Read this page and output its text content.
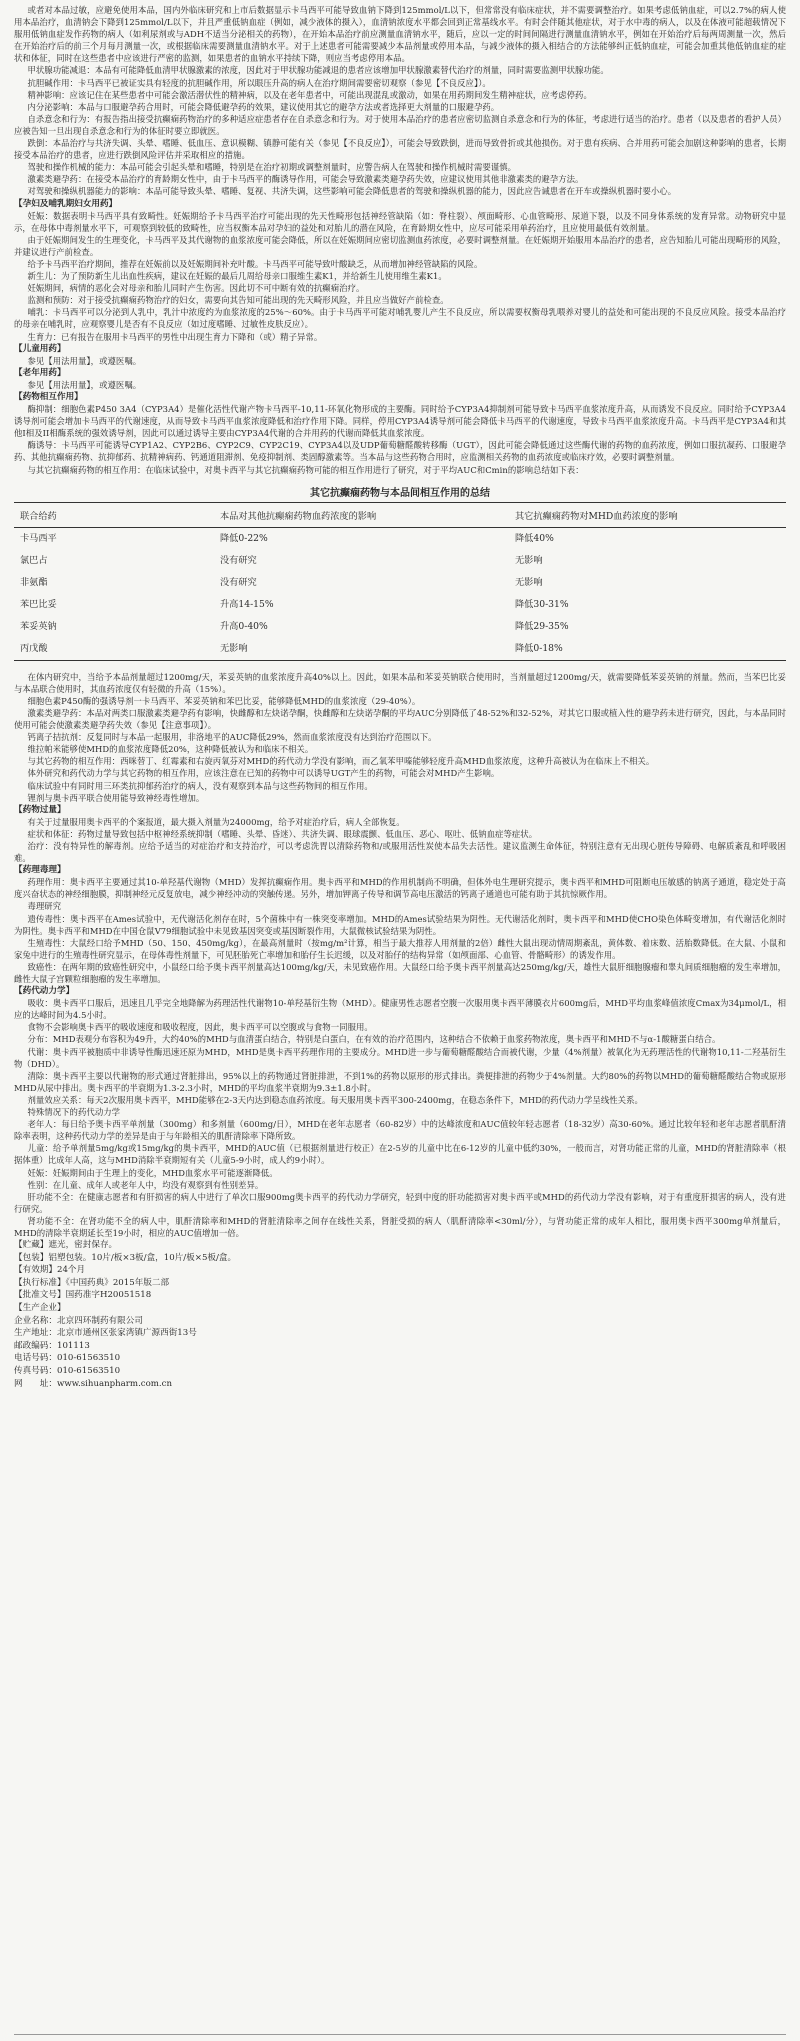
或者对本品过敏，应避免使用本品，国内外临床研究和上市后数据显示卡马西平可能导致血钠下降到125mmol/L以下，但常常没有临床症状，并不需要调整治疗。如果考虑低钠血症，可以2.7%的病人使用本品治疗，血清钠会下降到125mmol/L以下，并且严重低钠血症（例如，减少液体的摄入），血清钠浓度水平都会回到正常基线水平。有时会伴随其他症状，对于水中毒的病人，以及在体液可能超载情况下服用低钠血症发作药物的病人（如利尿剂或与ADH不适当分泌相关的药物），在开始本品治疗前应测量血清钠水平，随后，应以一定的时间间隔进行测量血清钠水平，例如在开始治疗后每两周测量一次，然后在开始治疗后的前三个月每月测量一次，或根据临床需要测量血清钠水平。对于上述患者可能需要减少本品剂量或停用本品，与减少液体的摄入相结合的方法能够纠正低钠血症，可能会加重其他低钠血症的症状和体征，同时在这些患者中应该进行严密的监测，如果患者的血钠水平持续下降，则应当考虑停用本品。

甲状腺功能减退：本品有可能降低血清甲状腺激素的浓度，因此对于甲状腺功能减退的患者应该增加甲状腺激素替代治疗的剂量，同时需要监测甲状腺功能。

抗胆碱作用：卡马西平已被证实具有轻度的抗胆碱作用，所以眼压升高的病人在治疗期间需要密切观察（参见【不良反应】）。

精神影响：应该记住在某些患者中可能会激活潜伏性的精神病，以及在老年患者中，可能出现混乱或激动，如果在用药期间发生精神症状，应考虑停药。

内分泌影响：本品与口服避孕药合用时，可能会降低避孕药的效果，建议使用其它的避孕方法或者选择更大剂量的口服避孕药。

自杀意念和行为：有报告指出接受抗癫痫药物治疗的多种适应症患者存在自杀意念和行为。对于使用本品治疗的患者应密切监测自杀意念和行为的体征，考虑进行适当的治疗。患者（以及患者的看护人员）应被告知一旦出现自杀意念和行为的体征时要立即就医。

跌倒：本品治疗与共济失调、头晕、嗜睡、低血压、意识模糊、镇静可能有关（参见【不良反应】），可能会导致跌倒，进而导致骨折或其他损伤。对于患有疾病、合并用药可能会加剧这种影响的患者，长期接受本品治疗的患者，应进行跌倒风险评估并采取相应的措施。

驾驶和操作机械的能力：本品可能会引起头晕和嗜睡，特别是在治疗初期或调整剂量时，应警告病人在驾驶和操作机械时需要谨慎。

激素类避孕药：在接受本品治疗的育龄期女性中，由于卡马西平的酶诱导作用，可能会导致激素类避孕药失效，应建议使用其他非激素类的避孕方法。

对驾驶和操纵机器能力的影响：本品可能导致头晕、嗜睡、复视、共济失调，这些影响可能会降低患者的驾驶和操纵机器的能力，因此应告诫患者在开车或操纵机器时要小心。

【孕妇及哺乳期妇女用药】

妊娠：数据表明卡马西平具有致畸性。妊娠期给予卡马西平治疗可能出现的先天性畸形包括神经管缺陷（如：脊柱裂）、颅面畸形、心血管畸形、尿道下裂，以及不同身体系统的发育异常。动物研究中显示，在母体中毒剂量水平下，可观察到较低的致畸性，应当权衡本品对孕妇的益处和对胎儿的潜在风险，在育龄期女性中，应尽可能采用单药治疗，且应使用最低有效剂量。

由于妊娠期间发生的生理变化，卡马西平及其代谢物的血浆浓度可能会降低，所以在妊娠期间应密切监测血药浓度，必要时调整剂量。在妊娠期开始服用本品治疗的患者，应告知胎儿可能出现畸形的风险，并建议进行产前检查。

给予卡马西平治疗期间，推荐在妊娠前以及妊娠期间补充叶酸。卡马西平可能导致叶酸缺乏，从而增加神经管缺陷的风险。

新生儿：为了预防新生儿出血性疾病，建议在妊娠的最后几周给母亲口服维生素K1，并给新生儿使用维生素K1。

妊娠期间，病情的恶化会对母亲和胎儿同时产生伤害。因此切不可中断有效的抗癫痫治疗。

监测和预防：对于接受抗癫痫药物治疗的妇女，需要向其告知可能出现的先天畸形风险，并且应当做好产前检查。

哺乳：卡马西平可以分泌到人乳中，乳汁中浓度约为血浆浓度的25%～60%。由于卡马西平可能对哺乳婴儿产生不良反应，所以需要权衡母乳喂养对婴儿的益处和可能出现的不良反应风险。接受本品治疗的母亲在哺乳时，应观察婴儿是否有不良反应（如过度嗜睡、过敏性皮肤反应）。

生育力：已有报告在服用卡马西平的男性中出现生育力下降和（或）精子异常。

【儿童用药】

参见【用法用量】，或遵医嘱。

【老年用药】

参见【用法用量】，或遵医嘱。

【药物相互作用】

酶抑制：细胞色素P450 3A4（CYP3A4）是催化活性代谢产物卡马西平-10,11-环氧化物形成的主要酶。同时给予CYP3A4抑制剂可能导致卡马西平血浆浓度升高，从而诱发不良反应。同时给予CYP3A4诱导剂可能会增加卡马西平的代谢速度，从而导致卡马西平血浆浓度降低和治疗作用下降。同样，停用CYP3A4诱导剂可能会降低卡马西平的代谢速度，导致卡马西平血浆浓度升高。卡马西平是CYP3A4和其他I相及II相酶系统的强效诱导剂，因此可以通过诱导主要由CYP3A4代谢的合并用药的代谢而降低其血浆浓度。

酶诱导：卡马西平可能诱导CYP1A2、CYP2B6、CYP2C9、CYP2C19、CYP3A4以及UDP葡萄糖醛酸转移酶（UGT），因此可能会降低通过这些酶代谢的药物的血药浓度，例如口服抗凝药、口服避孕药、其他抗癫痫药物、抗抑郁药、抗精神病药、钙通道阻滞剂、免疫抑制剂、类固醇激素等。当本品与这些药物合用时，应监测相关药物的血药浓度或临床疗效，必要时调整剂量。

与其它抗癫痫药物的相互作用：在临床试验中，对奥卡西平与其它抗癫痫药物可能的相互作用进行了研究，对于平均AUC和Cmin的影响总结如下表：

其它抗癫痫药物与本品间相互作用的总结
联合给药	本品对其他抗癫痫药物血药浓度的影响	其它抗癫痫药物对MHD血药浓度的影响
卡马西平	降低0-22%	降低40%
氯巴占	没有研究	无影响
非氨酯	没有研究	无影响
苯巴比妥	升高14-15%	降低30-31%
苯妥英钠	升高0-40%	降低29-35%
丙戊酸	无影响	降低0-18%

在体内研究中，当给予本品剂量超过1200mg/天，苯妥英钠的血浆浓度升高40%以上。因此，如果本品和苯妥英钠联合使用时，当剂量超过1200mg/天，就需要降低苯妥英钠的剂量。然而，当苯巴比妥与本品联合使用时，其血药浓度仅有轻微的升高（15%）。

细胞色素P450酶的强诱导剂一卡马西平、苯妥英钠和苯巴比妥，能够降低MHD的血浆浓度（29-40%）。

激素类避孕药：本品对两类口服激素类避孕药有影响，快雌醇和左炔诺孕酮，快雌醇和左炔诺孕酮的平均AUC分别降低了48-52%和32-52%，对其它口服或植入性的避孕药未进行研究，因此，与本品同时使用可能会使激素类避孕药失效（参见【注意事项】）。

钙离子拮抗剂：反复同时与本品一起服用，非洛地平的AUC降低29%，然而血浆浓度没有达到治疗范围以下。

维拉帕米能够使MHD的血浆浓度降低20%，这种降低被认为和临床不相关。

与其它药物的相互作用：西咪替丁、红霉素和右旋丙氧芬对MHD的药代动力学没有影响，而乙氧苯甲嗪能够轻度升高MHD血浆浓度，这种升高被认为在临床上不相关。

体外研究和药代动力学与其它药物的相互作用，应该注意在已知的药物中可以诱导UGT产生的药物，可能会对MHD产生影响。

临床试验中有同时用三环类抗抑郁药治疗的病人，没有观察到本品与这些药物间的相互作用。

锂剂与奥卡西平联合使用能导致神经毒性增加。

【药物过量】

有关于过量服用奥卡西平的个案报道，最大摄入剂量为24000mg，给予对症治疗后，病人全部恢复。

症状和体征：药物过量导致包括中枢神经系统抑制（嗜睡、头晕、昏迷）、共济失调、眼球震颤、低血压、恶心、呕吐、低钠血症等症状。

治疗：没有特异性的解毒剂。应给予适当的对症治疗和支持治疗，可以考虑洗胃以清除药物和/或服用活性炭使本品失去活性。建议监测生命体征，特别注意有无出现心脏传导障碍、电解质紊乱和呼吸困难。

【药理毒理】

药理作用：奥卡西平主要通过其10-单羟基代谢物（MHD）发挥抗癫痫作用。奥卡西平和MHD的作用机制尚不明确，但体外电生理研究提示，奥卡西平和MHD可阻断电压敏感的钠离子通道，稳定处于高度兴奋状态的神经细胞膜，抑制神经元反复放电，减少神经冲动的突触传递。另外，增加钾离子传导和调节高电压激活的钙离子通道也可能有助于其抗惊厥作用。

毒理研究

遗传毒性：奥卡西平在Ames试验中，无代谢活化剂存在时，5个菌株中有一株突变率增加。MHD的Ames试验结果为阴性。无代谢活化剂时，奥卡西平和MHD使CHO染色体畸变增加，有代谢活化剂时为阴性。奥卡西平和MHD在中国仓鼠V79细胞试验中未见致基因突变或基因断裂作用，大鼠微核试验结果为阴性。

生殖毒性：大鼠经口给予MHD（50、150、450mg/kg），在最高剂量时（按mg/m²计算，相当于最大推荐人用剂量的2倍）雌性大鼠出现动情周期紊乱，黄体数、着床数、活胎数降低。在大鼠、小鼠和家兔中进行的生殖毒性研究显示，在母体毒性剂量下，可见胚胎死亡率增加和胎仔生长迟缓，以及对胎仔的结构异常（如颅面部、心血管、骨骼畸形）的诱发作用。

致癌性：在两年期的致癌性研究中，小鼠经口给予奥卡西平剂量高达100mg/kg/天，未见致癌作用。大鼠经口给予奥卡西平剂量高达250mg/kg/天，雄性大鼠肝细胞腺瘤和睾丸间质细胞瘤的发生率增加，雌性大鼠子宫颗粒细胞瘤的发生率增加。

【药代动力学】

吸收：奥卡西平口服后，迅速且几乎完全地降解为药理活性代谢物10-单羟基衍生物（MHD）。健康男性志愿者空腹一次服用奥卡西平薄膜衣片600mg后，MHD平均血浆峰值浓度Cmax为34μmol/L，相应的达峰时间为4.5小时。

食物不会影响奥卡西平的吸收速度和吸收程度，因此，奥卡西平可以空腹或与食物一同服用。

分布：MHD表观分布容积为49升，大约40%的MHD与血清蛋白结合，特别是白蛋白，在有效的治疗范围内，这种结合不依赖于血浆药物浓度，奥卡西平和MHD不与α-1酸糖蛋白结合。

代谢：奥卡西平被胞质中非诱导性酶迅速还原为MHD，MHD是奥卡西平药理作用的主要成分。MHD进一步与葡萄糖醛酸结合而被代谢，少量（4%剂量）被氧化为无药理活性的代谢物10,11-二羟基衍生物（DHD）。

清除：奥卡西平主要以代谢物的形式通过肾脏排出，95%以上的药物通过肾脏排泄，不到1%的药物以原形的形式排出。粪便排泄的药物少于4%剂量。大约80%的药物以MHD的葡萄糖醛酸结合物或原形MHD从尿中排出。奥卡西平的半衰期为1.3-2.3小时，MHD的平均血浆半衰期为9.3±1.8小时。

剂量效应关系：每天2次服用奥卡西平，MHD能够在2-3天内达到稳态血药浓度。每天服用奥卡西平300-2400mg，在稳态条件下，MHD的药代动力学呈线性关系。

特殊情况下的药代动力学

老年人：每日给予奥卡西平单剂量（300mg）和多剂量（600mg/日），MHD在老年志愿者（60-82岁）中的达峰浓度和AUC值较年轻志愿者（18-32岁）高30-60%。通过比较年轻和老年志愿者肌酐清除率表明，这种药代动力学的差异是由于与年龄相关的肌酐清除率下降所致。

儿童：给予单剂量5mg/kg或15mg/kg的奥卡西平，MHD的AUC值（已根据剂量进行校正）在2-5岁的儿童中比在6-12岁的儿童中低约30%，一般而言，对肾功能正常的儿童，MHD的肾脏清除率（根据体重）比成年人高，这与MHD消除半衰期短有关（儿童5-9小时，成人约9小时）。

妊娠：妊娠期间由于生理上的变化，MHD血浆水平可能逐渐降低。

性别：在儿童、成年人或老年人中，均没有观察到有性别差异。

肝功能不全：在健康志愿者和有肝损害的病人中进行了单次口服900mg奥卡西平的药代动力学研究，轻到中度的肝功能损害对奥卡西平或MHD的药代动力学没有影响，对于有重度肝损害的病人，没有进行研究。

肾功能不全：在肾功能不全的病人中，肌酐清除率和MHD的肾脏清除率之间存在线性关系，肾脏受损的病人（肌酐清除率<30ml/分），与肾功能正常的成年人相比，服用奥卡西平300mg单剂量后，MHD的清除半衰期延长至19小时，相应的AUC值增加一倍。

【贮藏】遮光，密封保存。

【包装】铝塑包装。10片/板×3板/盒，10片/板×5板/盒。

【有效期】24个月

【执行标准】《中国药典》2015年版二部

【批准文号】国药准字H20051518

【生产企业】

企业名称：北京四环制药有限公司

生产地址：北京市通州区张家湾镇广源西街13号

邮政编码：101113

电话号码：010-61563510

传真号码：010-61563510

网　　址：www.sihuanpharm.com.cn
